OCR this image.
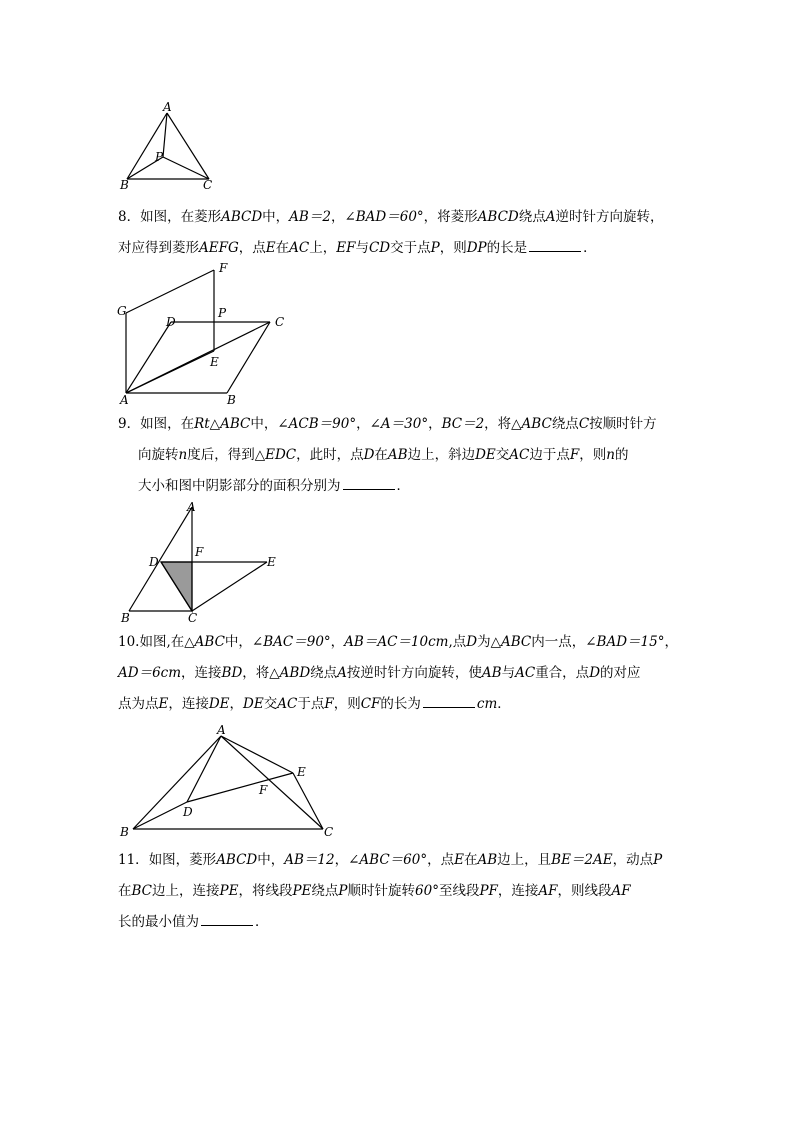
A
B	C
P
8．如图，在菱形ABCD中，AB＝2，∠BAD＝60°，将菱形ABCD绕点A逆时针方向旋转，
对应得到菱形AEFG，点E在AC上，EF与CD交于点P，则DP的长是	．
F
G
D
P
C
E
A	B
9．如图，在Rt△ABC中，∠ACB＝90°，∠A＝30°，BC＝2，将△ABC绕点C按顺时针方
向旋转n度后，得到△EDC，此时，点D在AB边上，斜边DE交AC边于点F，则n的
大小和图中阴影部分的面积分别为	．
A
D
F
E
B	C
10.如图,在△ABC中，∠BAC＝90°，AB＝AC＝10cm,点D为△ABC内一点，∠BAD＝15°，
AD＝6cm，连接BD，将△ABD绕点A按逆时针方向旋转，使AB与AC重合，点D的对应
点为点E，连接DE，DE交AC于点F，则CF的长为	cm．
A
E
F
D
B	C
11．如图，菱形ABCD中，AB＝12，∠ABC＝60°，点E在AB边上，且BE＝2AE，动点P
在BC边上，连接PE，将线段PE绕点P顺时针旋转60°至线段PF，连接AF，则线段AF
长的最小值为	．
